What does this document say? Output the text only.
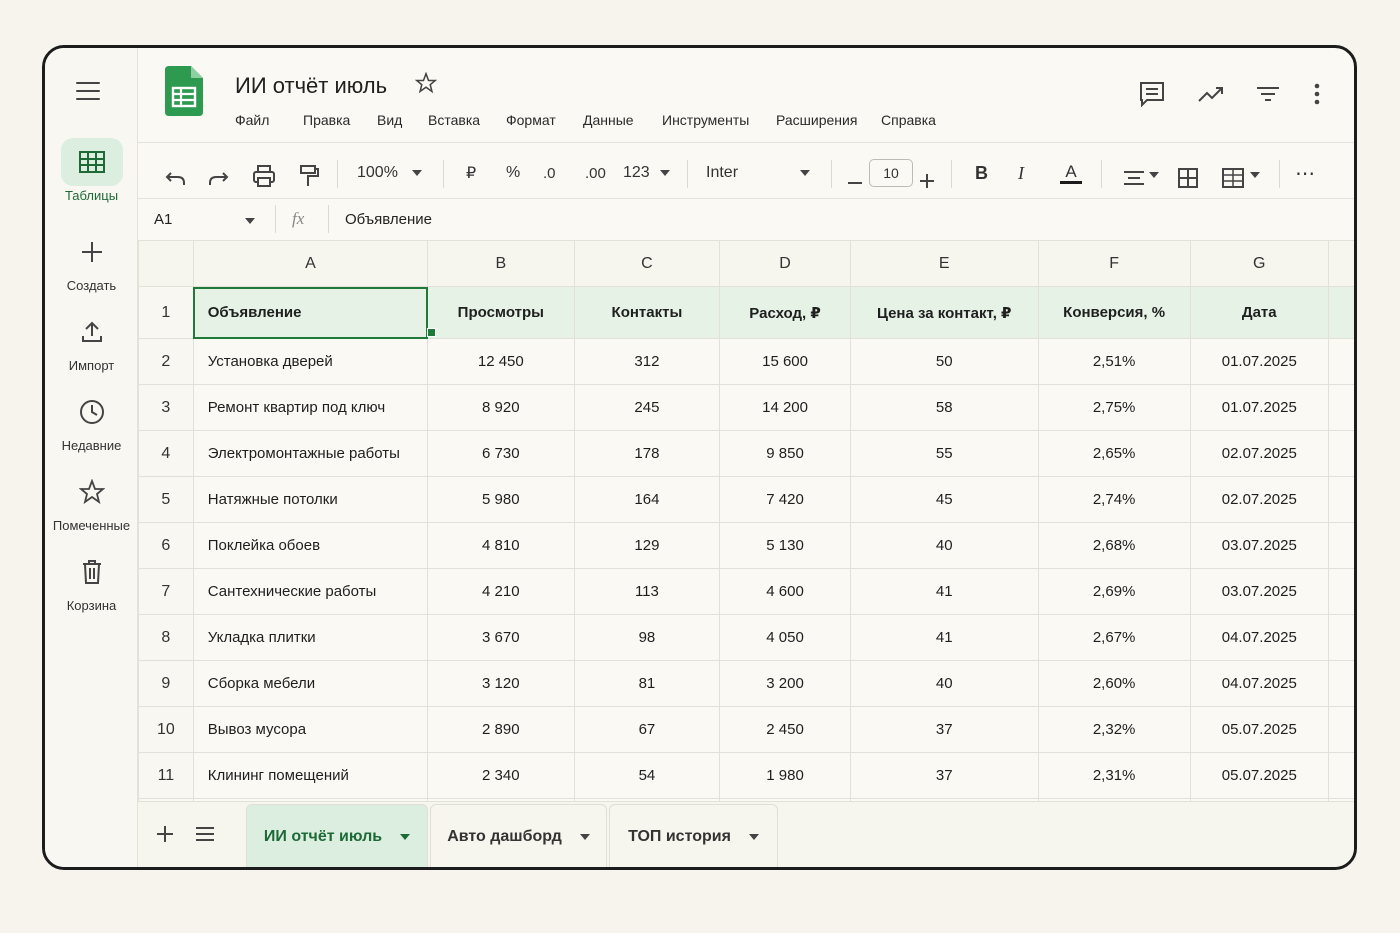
Таблицы
Создать
Импорт
Недавние
Помеченные
Корзина
ИИ отчёт июль
Файл Правка Вид Вставка Формат Данные Инструменты Расширения Справка
100%	₽ % .0 .00 123	Inter	10	B I A	⋯
A1	fx	Объявление
	A	B	C	D	E	F	G	
1	Объявление	Просмотры	Контакты	Расход, ₽	Цена за контакт, ₽	Конверсия, %	Дата	
2	Установка дверей	12 450	312	15 600	50	2,51%	01.07.2025	
3	Ремонт квартир под ключ	8 920	245	14 200	58	2,75%	01.07.2025	
4	Электромонтажные работы	6 730	178	9 850	55	2,65%	02.07.2025	
5	Натяжные потолки	5 980	164	7 420	45	2,74%	02.07.2025	
6	Поклейка обоев	4 810	129	5 130	40	2,68%	03.07.2025	
7	Сантехнические работы	4 210	113	4 600	41	2,69%	03.07.2025	
8	Укладка плитки	3 670	98	4 050	41	2,67%	04.07.2025	
9	Сборка мебели	3 120	81	3 200	40	2,60%	04.07.2025	
10	Вывоз мусора	2 890	67	2 450	37	2,32%	05.07.2025	
11	Клининг помещений	2 340	54	1 980	37	2,31%	05.07.2025	

ИИ отчёт июль	Авто дашборд	ТОП история
